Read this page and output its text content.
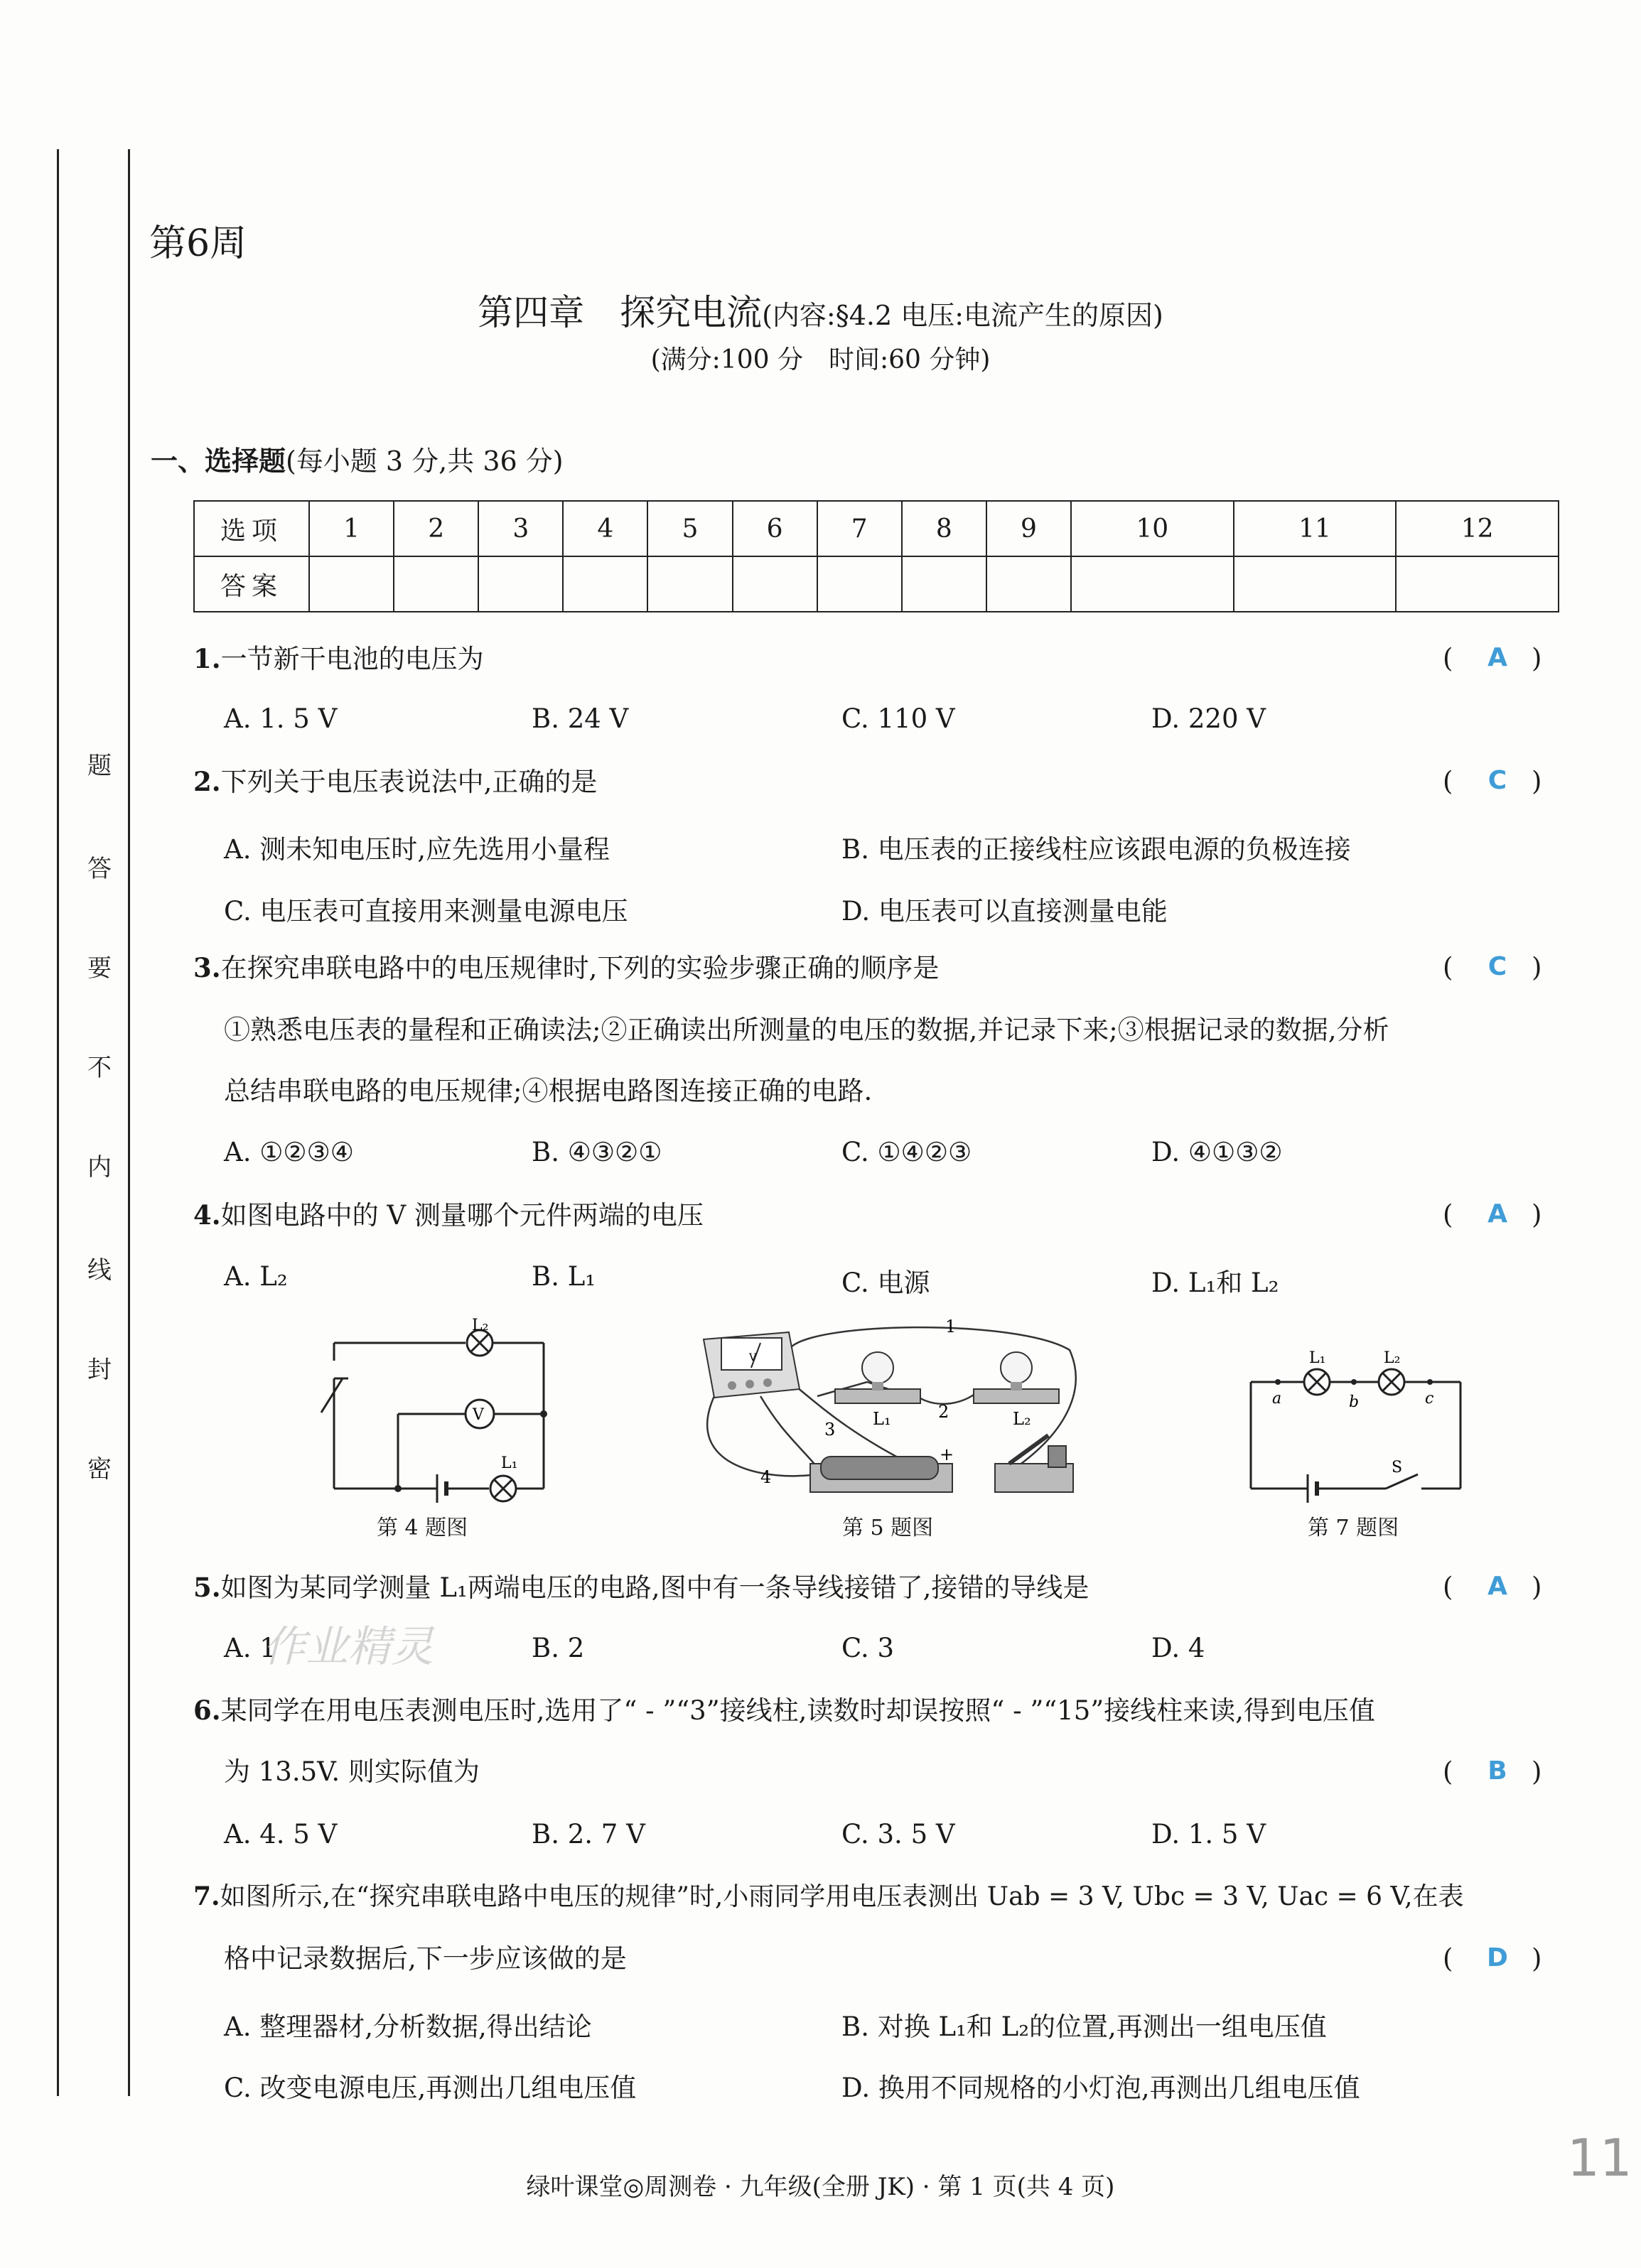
题
答
要
不
内
线
封
密
第6周
第四章　探究电流(内容:§4.2 电压:电流产生的原因)
(满分:100 分　时间:60 分钟)
一、选择题(每小题 3 分,共 36 分)
选项	1	2	3	4	5	6	7	8	9	10	11	12
答案												
1.一节新干电池的电压为	(	A )
A. 1. 5 V	B. 24 V	C. 110 V	D. 220 V
2.下列关于电压表说法中,正确的是	(	C )
A. 测未知电压时,应先选用小量程	B. 电压表的正接线柱应该跟电源的负极连接
C. 电压表可直接用来测量电源电压	D. 电压表可以直接测量电能
3.在探究串联电路中的电压规律时,下列的实验步骤正确的顺序是	(	C )
①熟悉电压表的量程和正确读法;②正确读出所测量的电压的数据,并记录下来;③根据记录的数据,分析
总结串联电路的电压规律;④根据电路图连接正确的电路.
A. ①②③④	B. ④③②①	C. ①④②③	D. ④①③②
4.如图电路中的 V 测量哪个元件两端的电压	(	A )
A. L₂	B. L₁	C. 电源	D. L₁和 L₂
L₂
V
L₁
第 4 题图
V
1
2
3
4
L₁	L₂
+
第 5 题图
L₁	L₂
a	b	c
S
第 7 题图
5.如图为某同学测量 L₁两端电压的电路,图中有一条导线接错了,接错的导线是	(	A )
A. 1	B. 2	C. 3	D. 4
作业精灵
6.某同学在用电压表测电压时,选用了“ - ”“3”接线柱,读数时却误按照“ - ”“15”接线柱来读,得到电压值
为 13.5V. 则实际值为	(	B )
A. 4. 5 V	B. 2. 7 V	C. 3. 5 V	D. 1. 5 V
7.如图所示,在“探究串联电路中电压的规律”时,小雨同学用电压表测出 Uab = 3 V, Ubc = 3 V, Uac = 6 V,在表
格中记录数据后,下一步应该做的是	( D )
A. 整理器材,分析数据,得出结论	B. 对换 L₁和 L₂的位置,再测出一组电压值
C. 改变电源电压,再测出几组电压值	D. 换用不同规格的小灯泡,再测出几组电压值
绿叶课堂◎周测卷 · 九年级(全册 JK) · 第 1 页(共 4 页)	11
